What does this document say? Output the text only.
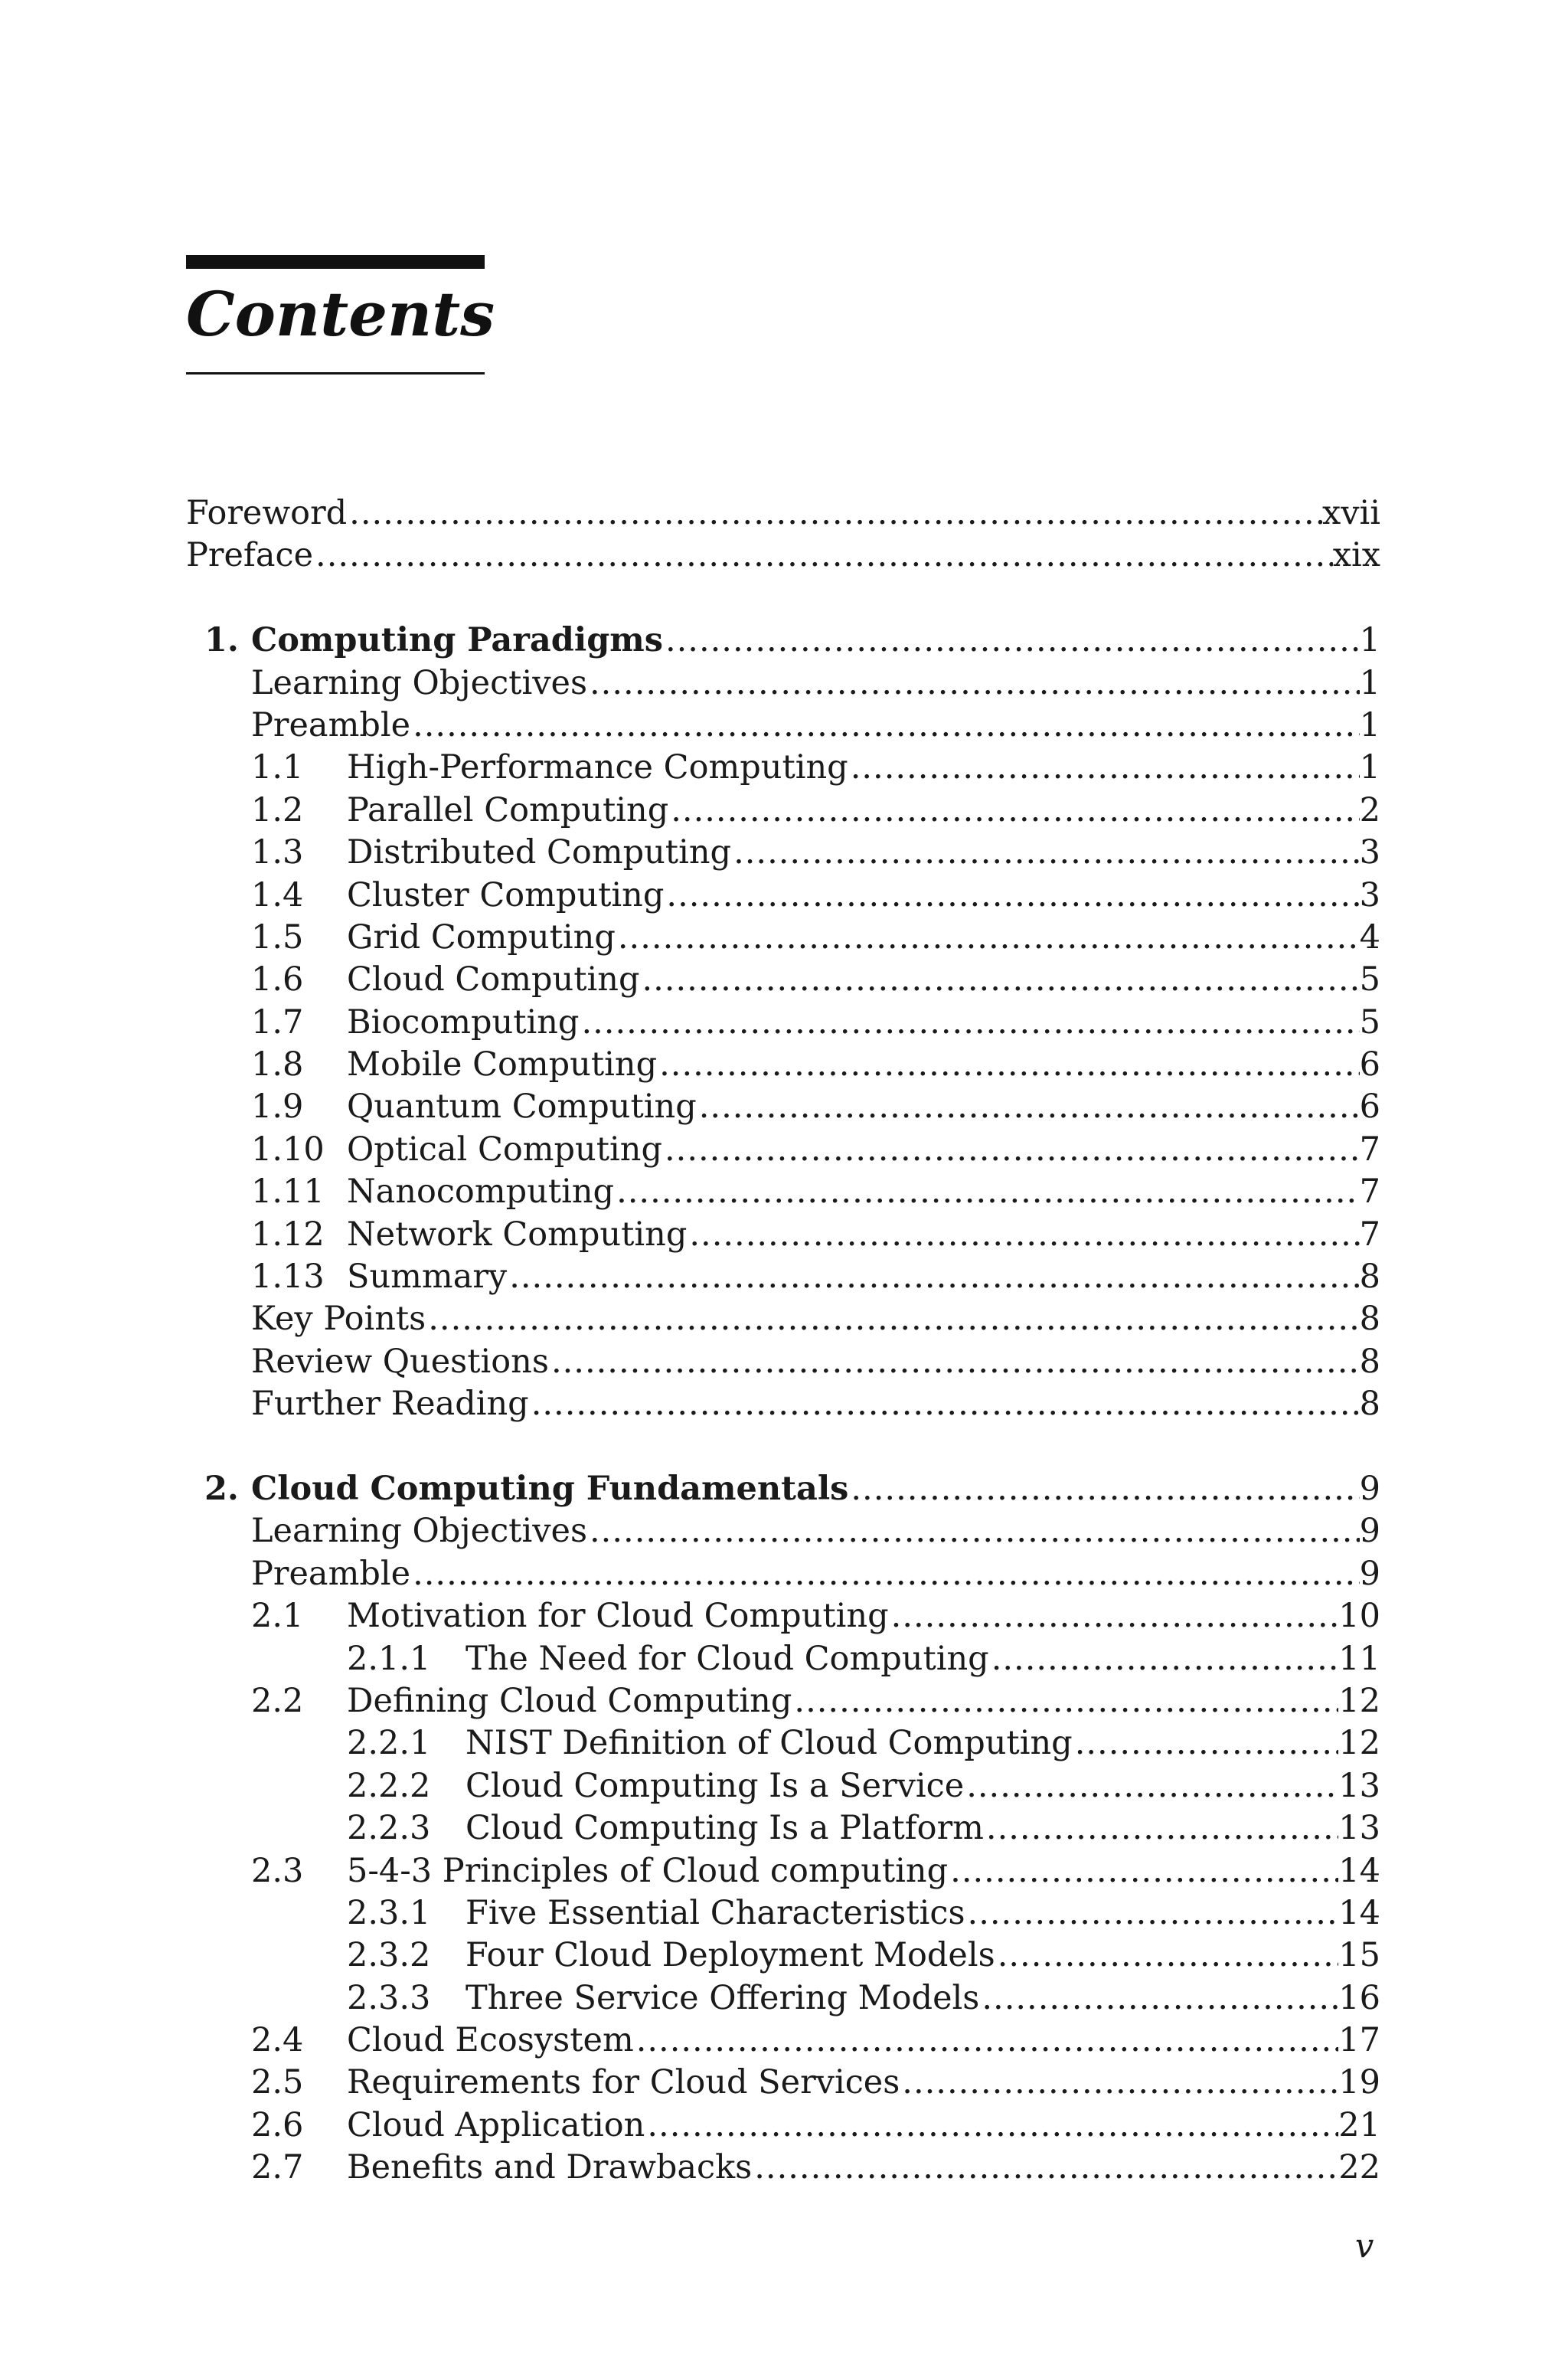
Contents
Foreword .....	xvii
Preface .....	xix
1. Computing Paradigms .....	1
Learning Objectives .....	1
Preamble .....	1
1.1	High-Performance Computing .....	1
1.2	Parallel Computing .....	2
1.3	Distributed Computing .....	3
1.4	Cluster Computing .....	3
1.5	Grid Computing .....	4
1.6	Cloud Computing .....	5
1.7	Biocomputing .....	5
1.8	Mobile Computing .....	6
1.9	Quantum Computing .....	6
1.10 Optical Computing .....	7
1.11 Nanocomputing .....	7
1.12 Network Computing .....	7
1.13 Summary .....	8
Key Points .....	8
Review Questions .....	8
Further Reading .....	8
2. Cloud Computing Fundamentals .....	9
Learning Objectives .....	9
Preamble .....	9
2.1	Motivation for Cloud Computing .....	10
2.1.1	The Need for Cloud Computing .....	11
2.2	Defining Cloud Computing .....	12
2.2.1	NIST Definition of Cloud Computing .....	12
2.2.2	Cloud Computing Is a Service .....	13
2.2.3	Cloud Computing Is a Platform .....	13
2.3	5-4-3 Principles of Cloud computing .....	14
2.3.1	Five Essential Characteristics .....	14
2.3.2	Four Cloud Deployment Models .....	15
2.3.3	Three Service Offering Models .....	16
2.4	Cloud Ecosystem .....	17
2.5	Requirements for Cloud Services .....	19
2.6	Cloud Application .....	21
2.7	Benefits and Drawbacks .....	22
v
